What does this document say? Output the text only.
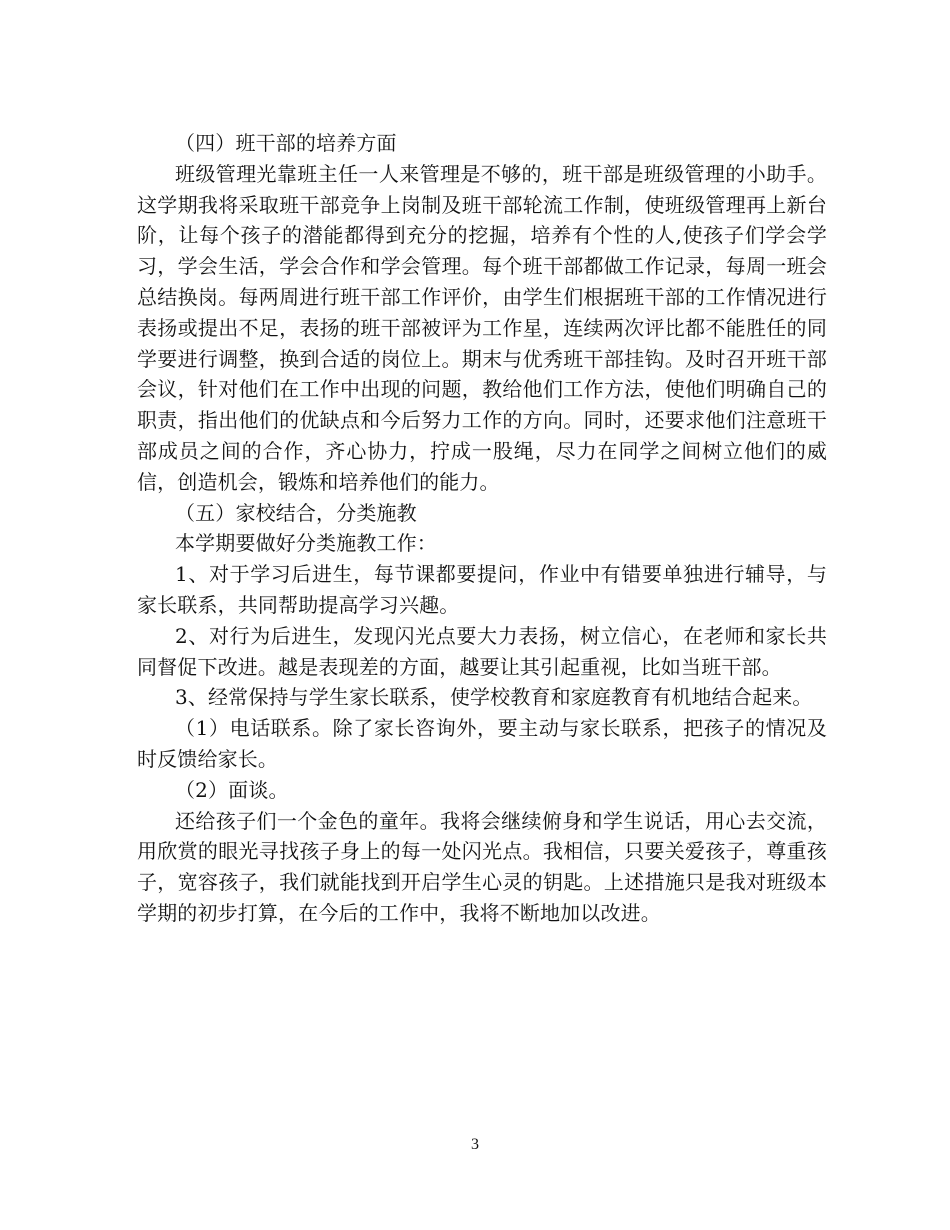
（四）班干部的培养方面

班级管理光靠班主任一人来管理是不够的，班干部是班级管理的小助手。这学期我将采取班干部竞争上岗制及班干部轮流工作制，使班级管理再上新台阶，让每个孩子的潜能都得到充分的挖掘，培养有个性的人,使孩子们学会学习，学会生活，学会合作和学会管理。每个班干部都做工作记录，每周一班会总结换岗。每两周进行班干部工作评价，由学生们根据班干部的工作情况进行表扬或提出不足，表扬的班干部被评为工作星，连续两次评比都不能胜任的同学要进行调整，换到合适的岗位上。期末与优秀班干部挂钩。及时召开班干部会议，针对他们在工作中出现的问题，教给他们工作方法，使他们明确自己的职责，指出他们的优缺点和今后努力工作的方向。同时，还要求他们注意班干部成员之间的合作，齐心协力，拧成一股绳，尽力在同学之间树立他们的威信，创造机会，锻炼和培养他们的能力。

（五）家校结合，分类施教

本学期要做好分类施教工作：

1、对于学习后进生，每节课都要提问，作业中有错要单独进行辅导，与家长联系，共同帮助提高学习兴趣。

2、对行为后进生，发现闪光点要大力表扬，树立信心，在老师和家长共同督促下改进。越是表现差的方面，越要让其引起重视，比如当班干部。

3、经常保持与学生家长联系，使学校教育和家庭教育有机地结合起来。

（1）电话联系。除了家长咨询外，要主动与家长联系，把孩子的情况及时反馈给家长。

（2）面谈。

还给孩子们一个金色的童年。我将会继续俯身和学生说话，用心去交流，用欣赏的眼光寻找孩子身上的每一处闪光点。我相信，只要关爱孩子，尊重孩子，宽容孩子，我们就能找到开启学生心灵的钥匙。上述措施只是我对班级本学期的初步打算，在今后的工作中，我将不断地加以改进。

3
